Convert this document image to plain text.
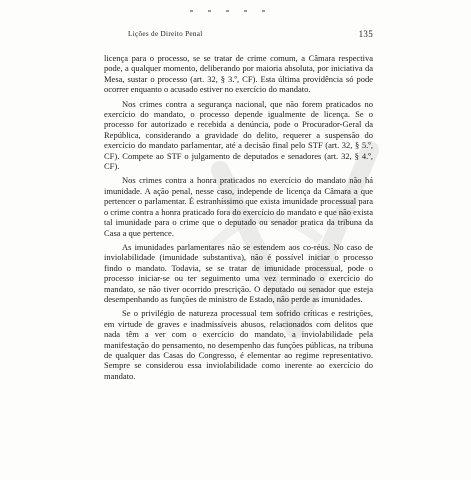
Lições de Direito Penal	135

licença para o processo, se se tratar de crime comum, a Câmara respectiva pode, a qualquer momento, deliberando por maioria absoluta, por iniciativa da Mesa, sustar o processo (art. 32, § 3.º, CF). Esta última providência só pode ocorrer enquanto o acusado estiver no exercício do mandato.

Nos crimes contra a segurança nacional, que não forem praticados no exercício do mandato, o processo depende igualmente de licença. Se o processo for autorizado e recebida a denúncia, pode o Procurador-Geral da República, considerando a gravidade do delito, requerer a suspensão do exercício do mandato parlamentar, até a decisão final pelo STF (art. 32, § 5.º, CF). Compete ao STF o julgamento de deputados e senadores (art. 32, § 4.º, CF).

Nos crimes contra a honra praticados no exercício do mandato não há imunidade. A ação penal, nesse caso, independe de licença da Câmara a que pertencer o parlamentar. É estranhíssimo que exista imunidade processual para o crime contra a honra praticado fora do exercício do mandato e que não exista tal imunidade para o crime que o deputado ou senador pratica da tribuna da Casa a que pertence.

As imunidades parlamentares não se estendem aos co-réus. No caso de inviolabilidade (imunidade substantiva), não é possível iniciar o processo findo o mandato. Todavia, se se tratar de imunidade processual, pode o processo iniciar-se ou ter seguimento uma vez terminado o exercício do mandato, se não tiver ocorrido prescrição. O deputado ou senador que esteja desempenhando as funções de ministro de Estado, não perde as imunidades.

Se o privilégio de natureza processual tem sofrido críticas e restrições, em virtude de graves e inadmissíveis abusos, relacionados com delitos que nada têm a ver com o exercício do mandato, a inviolabilidade pela manifestação do pensamento, no desempenho das funções públicas, na tribuna de qualquer das Casas do Congresso, é elementar ao regime representativo. Sempre se considerou essa inviolabilidade como inerente ao exercício do mandato.
